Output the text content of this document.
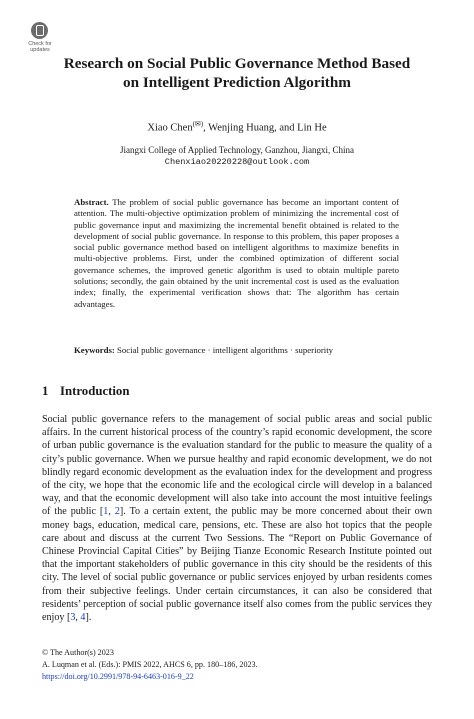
Check for updates
Research on Social Public Governance Method Based on Intelligent Prediction Algorithm
Xiao Chen(✉), Wenjing Huang, and Lin He
Jiangxi College of Applied Technology, Ganzhou, Jiangxi, China
Chenxiao20220228@outlook.com
Abstract. The problem of social public governance has become an important content of attention. The multi-objective optimization problem of minimizing the incremental cost of public governance input and maximizing the incremental benefit obtained is related to the development of social public governance. In response to this problem, this paper proposes a social public governance method based on intelligent algorithms to maximize benefits in multi-objective problems. First, under the combined optimization of different social governance schemes, the improved genetic algorithm is used to obtain multiple pareto solutions; secondly, the gain obtained by the unit incremental cost is used as the evaluation index; finally, the experimental verification shows that: The algorithm has certain advantages.
Keywords: Social public governance · intelligent algorithms · superiority
1 Introduction
Social public governance refers to the management of social public areas and social public affairs. In the current historical process of the country’s rapid economic development, the score of urban public governance is the evaluation standard for the public to measure the quality of a city’s public governance. When we pursue healthy and rapid economic development, we do not blindly regard economic development as the evaluation index for the development and progress of the city, we hope that the economic life and the ecological circle will develop in a balanced way, and that the economic development will also take into account the most intuitive feelings of the public [1, 2]. To a certain extent, the public may be more concerned about their own money bags, education, medical care, pensions, etc. These are also hot topics that the people care about and discuss at the current Two Sessions. The “Report on Public Governance of Chinese Provincial Capital Cities” by Beijing Tianze Economic Research Institute pointed out that the important stakeholders of public governance in this city should be the residents of this city. The level of social public governance or public services enjoyed by urban residents comes from their subjective feelings. Under certain circumstances, it can also be considered that residents’ perception of social public governance itself also comes from the public services they enjoy [3, 4].
© The Author(s) 2023
A. Luqman et al. (Eds.): PMIS 2022, AHCS 6, pp. 180–186, 2023.
https://doi.org/10.2991/978-94-6463-016-9_22
